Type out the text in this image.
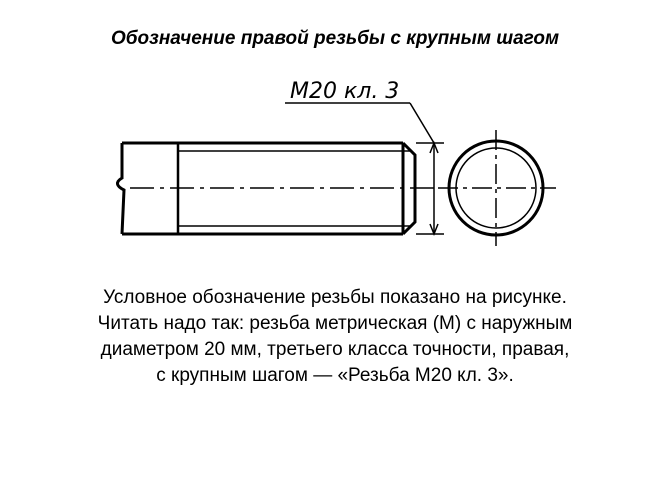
Обозначение правой резьбы с крупным шагом
М20 кл. 3
Условное обозначение резьбы показано на рисунке.
Читать надо так: резьба метрическая (М) с наружным
диаметром 20 мм, третьего класса точности, правая,
с крупным шагом — «Резьба М20 кл. 3».
